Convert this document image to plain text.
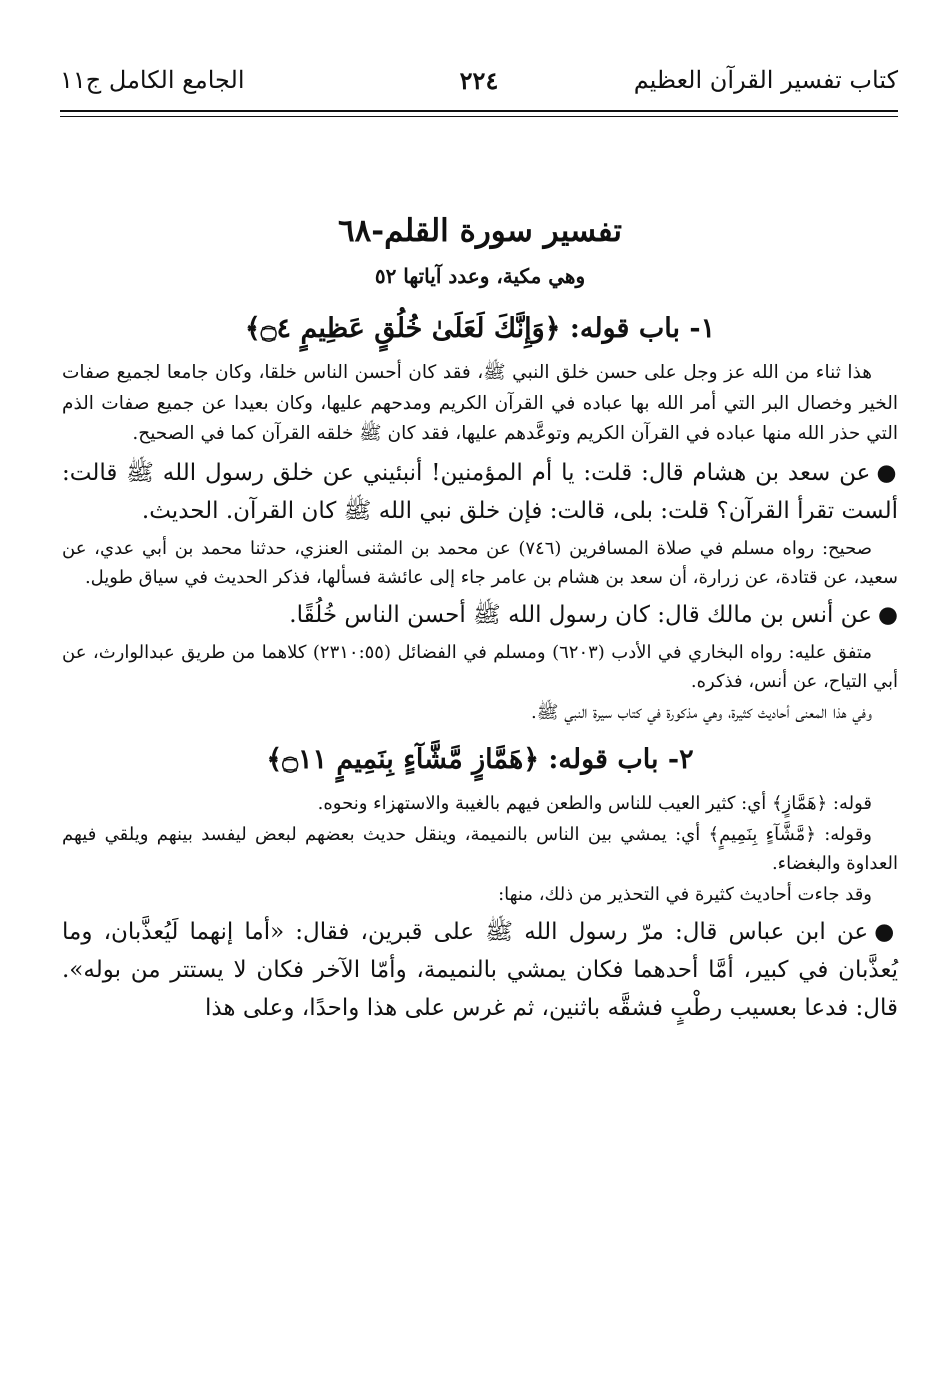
كتاب تفسير القرآن العظيم
٢٢٤
الجامع الكامل ج١١
تفسير سورة القلم-٦٨
وهي مكية، وعدد آياتها ٥٢
١- باب قوله: ﴿وَإِنَّكَ لَعَلَىٰ خُلُقٍ عَظِيمٍ ۝٤﴾

هذا ثناء من الله عز وجل على حسن خلق النبي ﷺ، فقد كان أحسن الناس خلقا، وكان جامعا لجميع صفات الخير وخصال البر التي أمر الله بها عباده في القرآن الكريم ومدحهم عليها، وكان بعيدا عن جميع صفات الذم التي حذر الله منها عباده في القرآن الكريم وتوعَّدهم عليها، فقد كان ﷺ خلقه القرآن كما في الصحيح.

●عن سعد بن هشام قال: قلت: يا أم المؤمنين! أنبئيني عن خلق رسول الله ﷺ قالت: ألست تقرأ القرآن؟ قلت: بلى، قالت: فإن خلق نبي الله ﷺ كان القرآن. الحديث.

صحيح: رواه مسلم في صلاة المسافرين (٧٤٦) عن محمد بن المثنى العنزي، حدثنا محمد بن أبي عدي، عن سعيد، عن قتادة، عن زرارة، أن سعد بن هشام بن عامر جاء إلى عائشة فسألها، فذكر الحديث في سياق طويل.

●عن أنس بن مالك قال: كان رسول الله ﷺ أحسن الناس خُلُقًا.

متفق عليه: رواه البخاري في الأدب (٦٢٠٣) ومسلم في الفضائل (٢٣١٠:٥٥) كلاهما من طريق عبدالوارث، عن أبي التياح، عن أنس، فذكره.

وفي هذا المعنى أحاديث كثيرة، وهي مذكورة في كتاب سيرة النبي ﷺ.

٢- باب قوله: ﴿هَمَّازٍ مَّشَّآءٍ بِنَمِيمٍ ۝١١﴾

قوله: ﴿هَمَّازٍ﴾ أي: كثير العيب للناس والطعن فيهم بالغيبة والاستهزاء ونحوه.

وقوله: ﴿مَّشَّآءٍ بِنَمِيمٍ﴾ أي: يمشي بين الناس بالنميمة، وينقل حديث بعضهم لبعض ليفسد بينهم ويلقي فيهم العداوة والبغضاء.

وقد جاءت أحاديث كثيرة في التحذير من ذلك، منها:

●عن ابن عباس قال: مرّ رسول الله ﷺ على قبرين، فقال: «أما إنهما لَيُعذَّبان، وما يُعذَّبان في كبير، أمَّا أحدهما فكان يمشي بالنميمة، وأمّا الآخر فكان لا يستتر من بوله». قال: فدعا بعسيب رطْبٍ فشقَّه باثنين، ثم غرس على هذا واحدًا، وعلى هذا
